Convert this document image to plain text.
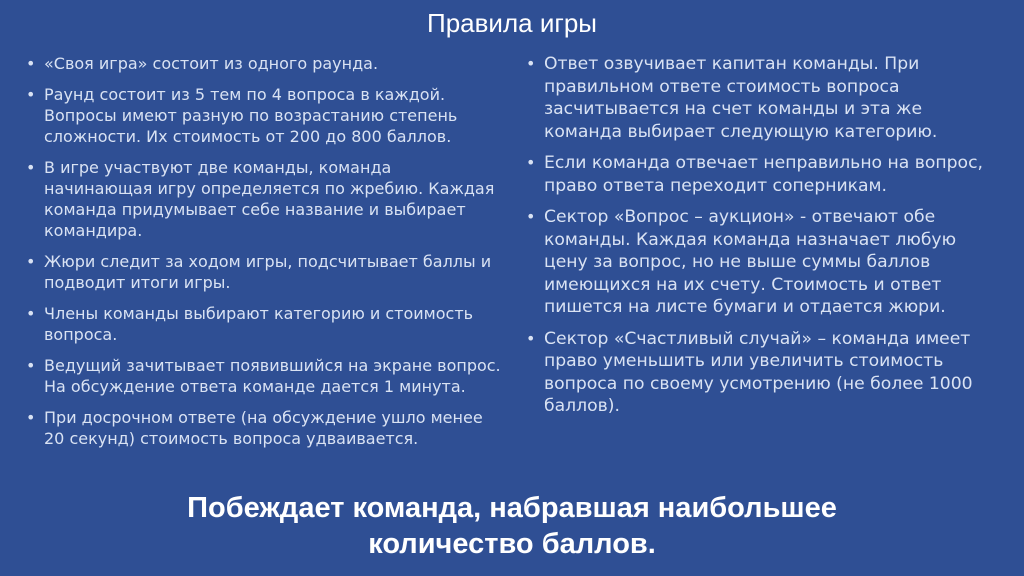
Правила игры
• «Своя игра» состоит из одного раунда.
• Раунд состоит из 5 тем по 4 вопроса в каждой. Вопросы имеют разную по возрастанию степень сложности. Их стоимость от 200 до 800 баллов.
• В игре участвуют две команды, команда начинающая игру определяется по жребию. Каждая команда придумывает себе название и выбирает командира.
• Жюри следит за ходом игры, подсчитывает баллы и подводит итоги игры.
• Члены команды выбирают категорию и стоимость вопроса.
• Ведущий зачитывает появившийся на экране вопрос. На обсуждение ответа команде дается 1 минута.
• При досрочном ответе (на обсуждение ушло менее 20 секунд) стоимость вопроса удваивается.
• Ответ озвучивает капитан команды. При правильном ответе стоимость вопроса засчитывается на счет команды и эта же команда выбирает следующую категорию.
• Если команда отвечает неправильно на вопрос, право ответа переходит соперникам.
• Сектор «Вопрос – аукцион» - отвечают обе команды. Каждая команда назначает любую цену за вопрос, но не выше суммы баллов имеющихся на их счету. Стоимость и ответ пишется на листе бумаги и отдается жюри.
• Сектор «Счастливый случай» – команда имеет право уменьшить или увеличить стоимость вопроса по своему усмотрению (не более 1000 баллов).
Побеждает команда, набравшая наибольшее
количество баллов.
